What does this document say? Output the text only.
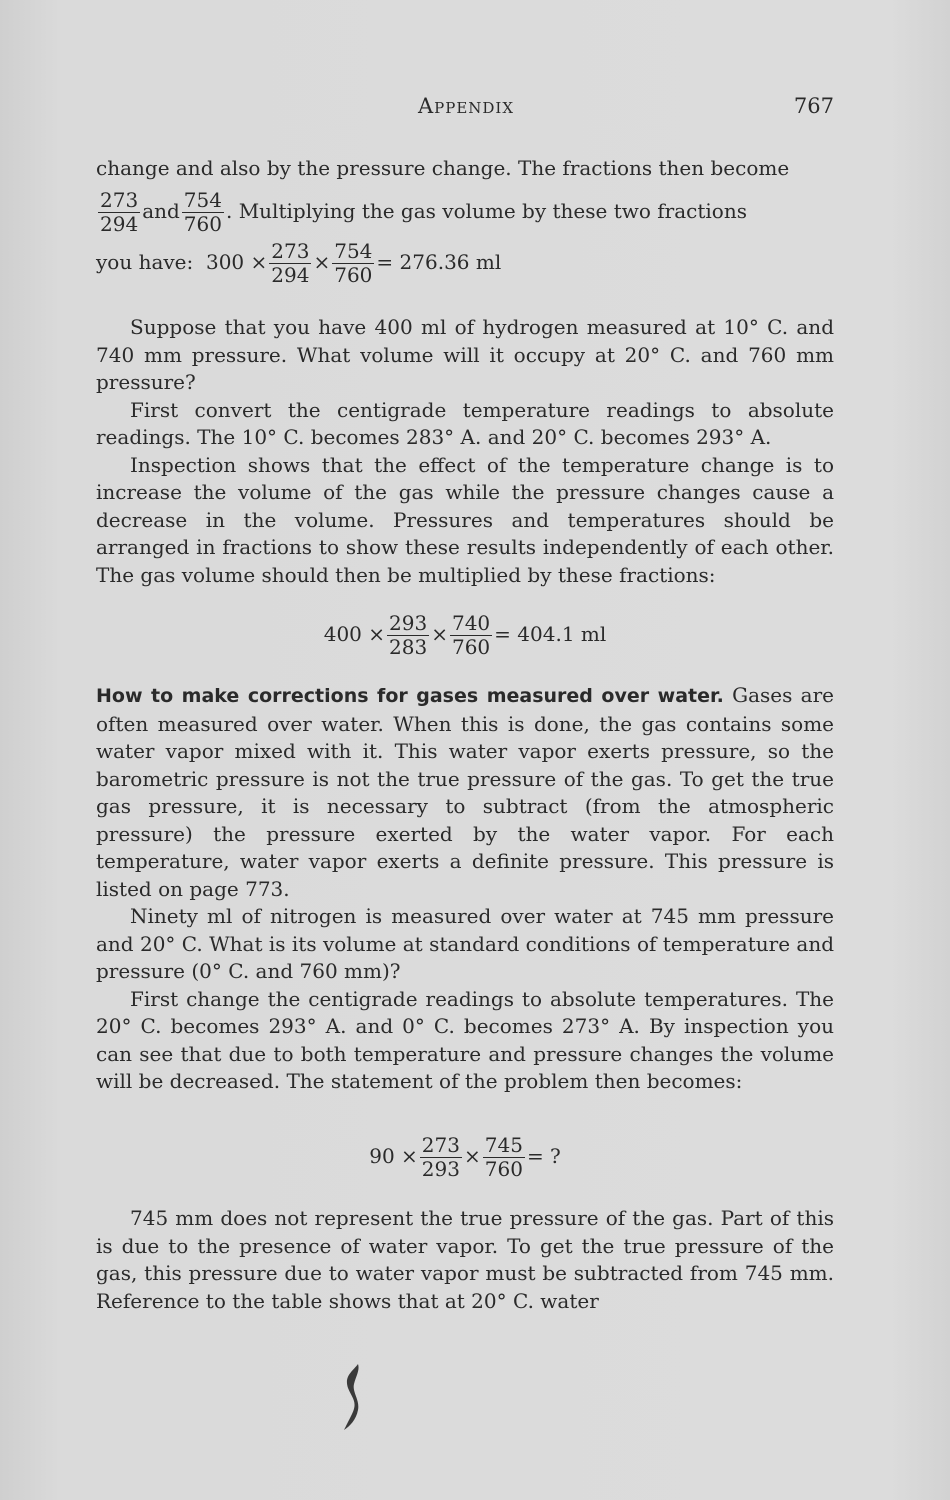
Appendix	767

change and also by the pressure change. The fractions then become

$\frac{273}{294}$ and $\frac{754}{760}$ . Multiplying the gas volume by these two fractions

you have: $300 \times \frac{273}{294} \times \frac{754}{760} = 276.36$ ml

Suppose that you have 400 ml of hydrogen measured at 10° C. and 740 mm pressure. What volume will it occupy at 20° C. and 760 mm pressure?

First convert the centigrade temperature readings to absolute readings. The 10° C. becomes 283° A. and 20° C. becomes 293° A.

Inspection shows that the effect of the temperature change is to increase the volume of the gas while the pressure changes cause a decrease in the volume. Pressures and temperatures should be arranged in fractions to show these results independently of each other. The gas volume should then be multiplied by these fractions:

$400 \times \frac{293}{283} \times \frac{740}{760} = 404.1$ ml

How to make corrections for gases measured over water. Gases are often measured over water. When this is done, the gas contains some water vapor mixed with it. This water vapor exerts pressure, so the barometric pressure is not the true pressure of the gas. To get the true gas pressure, it is necessary to subtract (from the atmospheric pressure) the pressure exerted by the water vapor. For each temperature, water vapor exerts a definite pressure. This pressure is listed on page 773.

Ninety ml of nitrogen is measured over water at 745 mm pressure and 20° C. What is its volume at standard conditions of temperature and pressure (0° C. and 760 mm)?

First change the centigrade readings to absolute temperatures. The 20° C. becomes 293° A. and 0° C. becomes 273° A. By inspection you can see that due to both temperature and pressure changes the volume will be decreased. The statement of the problem then becomes:

$90 \times \frac{273}{293} \times \frac{745}{760}$ = ?

745 mm does not represent the true pressure of the gas. Part of this is due to the presence of water vapor. To get the true pressure of the gas, this pressure due to water vapor must be subtracted from 745 mm. Reference to the table shows that at 20° C. water
